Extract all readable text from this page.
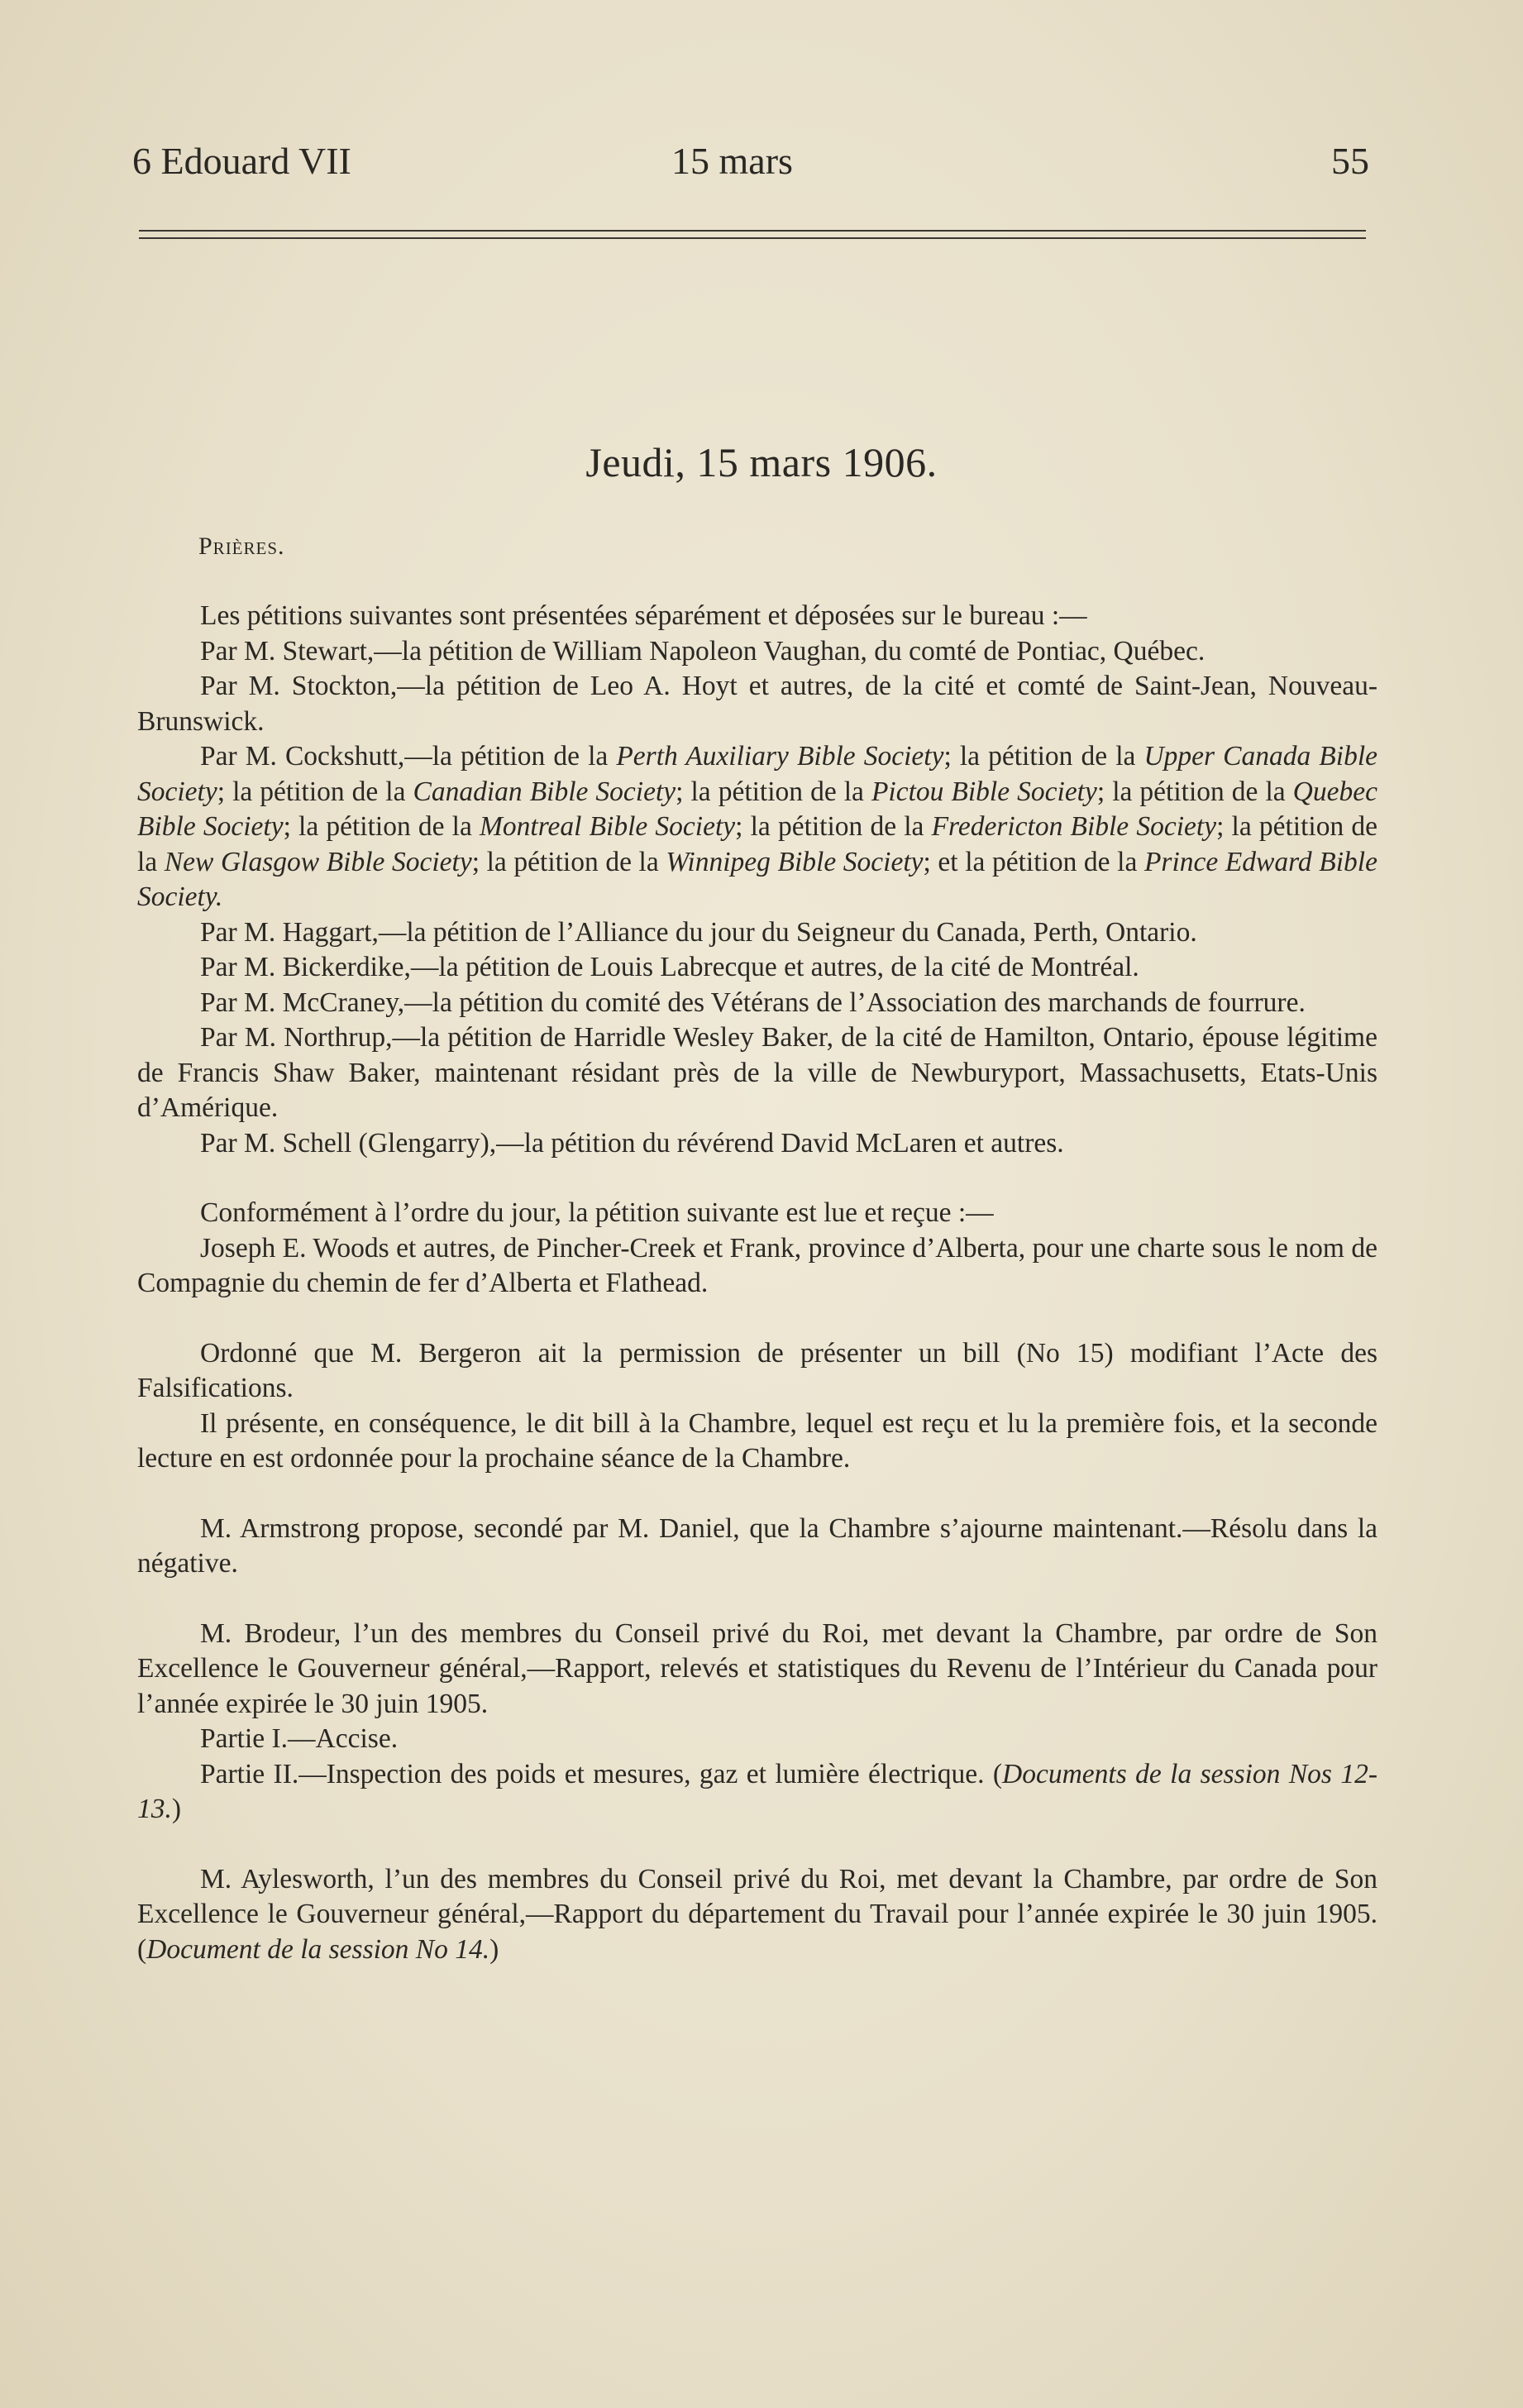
6 Edouard VII	15 mars	55
Jeudi, 15 mars 1906.
Prières.

Les pétitions suivantes sont présentées séparément et déposées sur le bureau :—

Par M. Stewart,—la pétition de William Napoleon Vaughan, du comté de Pontiac, Québec.

Par M. Stockton,—la pétition de Leo A. Hoyt et autres, de la cité et comté de Saint-Jean, Nouveau-Brunswick.

Par M. Cockshutt,—la pétition de la Perth Auxiliary Bible Society; la pétition de la Upper Canada Bible Society; la pétition de la Canadian Bible Society; la pétition de la Pictou Bible Society; la pétition de la Quebec Bible Society; la pétition de la Montreal Bible Society; la pétition de la Fredericton Bible Society; la pétition de la New Glasgow Bible Society; la pétition de la Winnipeg Bible Society; et la pétition de la Prince Edward Bible Society.

Par M. Haggart,—la pétition de l’Alliance du jour du Seigneur du Canada, Perth, Ontario.

Par M. Bickerdike,—la pétition de Louis Labrecque et autres, de la cité de Montréal.

Par M. McCraney,—la pétition du comité des Vétérans de l’Association des marchands de fourrure.

Par M. Northrup,—la pétition de Harridle Wesley Baker, de la cité de Hamilton, Ontario, épouse légitime de Francis Shaw Baker, maintenant résidant près de la ville de Newburyport, Massachusetts, Etats-Unis d’Amérique.

Par M. Schell (Glengarry),—la pétition du révérend David McLaren et autres.

Conformément à l’ordre du jour, la pétition suivante est lue et reçue :—

Joseph E. Woods et autres, de Pincher-Creek et Frank, province d’Alberta, pour une charte sous le nom de Compagnie du chemin de fer d’Alberta et Flathead.

Ordonné que M. Bergeron ait la permission de présenter un bill (No 15) modifiant l’Acte des Falsifications.

Il présente, en conséquence, le dit bill à la Chambre, lequel est reçu et lu la première fois, et la seconde lecture en est ordonnée pour la prochaine séance de la Chambre.

M. Armstrong propose, secondé par M. Daniel, que la Chambre s’ajourne maintenant.—Résolu dans la négative.

M. Brodeur, l’un des membres du Conseil privé du Roi, met devant la Chambre, par ordre de Son Excellence le Gouverneur général,—Rapport, relevés et statistiques du Revenu de l’Intérieur du Canada pour l’année expirée le 30 juin 1905.

Partie I.—Accise.

Partie II.—Inspection des poids et mesures, gaz et lumière électrique. (Documents de la session Nos 12-13.)

M. Aylesworth, l’un des membres du Conseil privé du Roi, met devant la Chambre, par ordre de Son Excellence le Gouverneur général,—Rapport du département du Travail pour l’année expirée le 30 juin 1905. (Document de la session No 14.)
